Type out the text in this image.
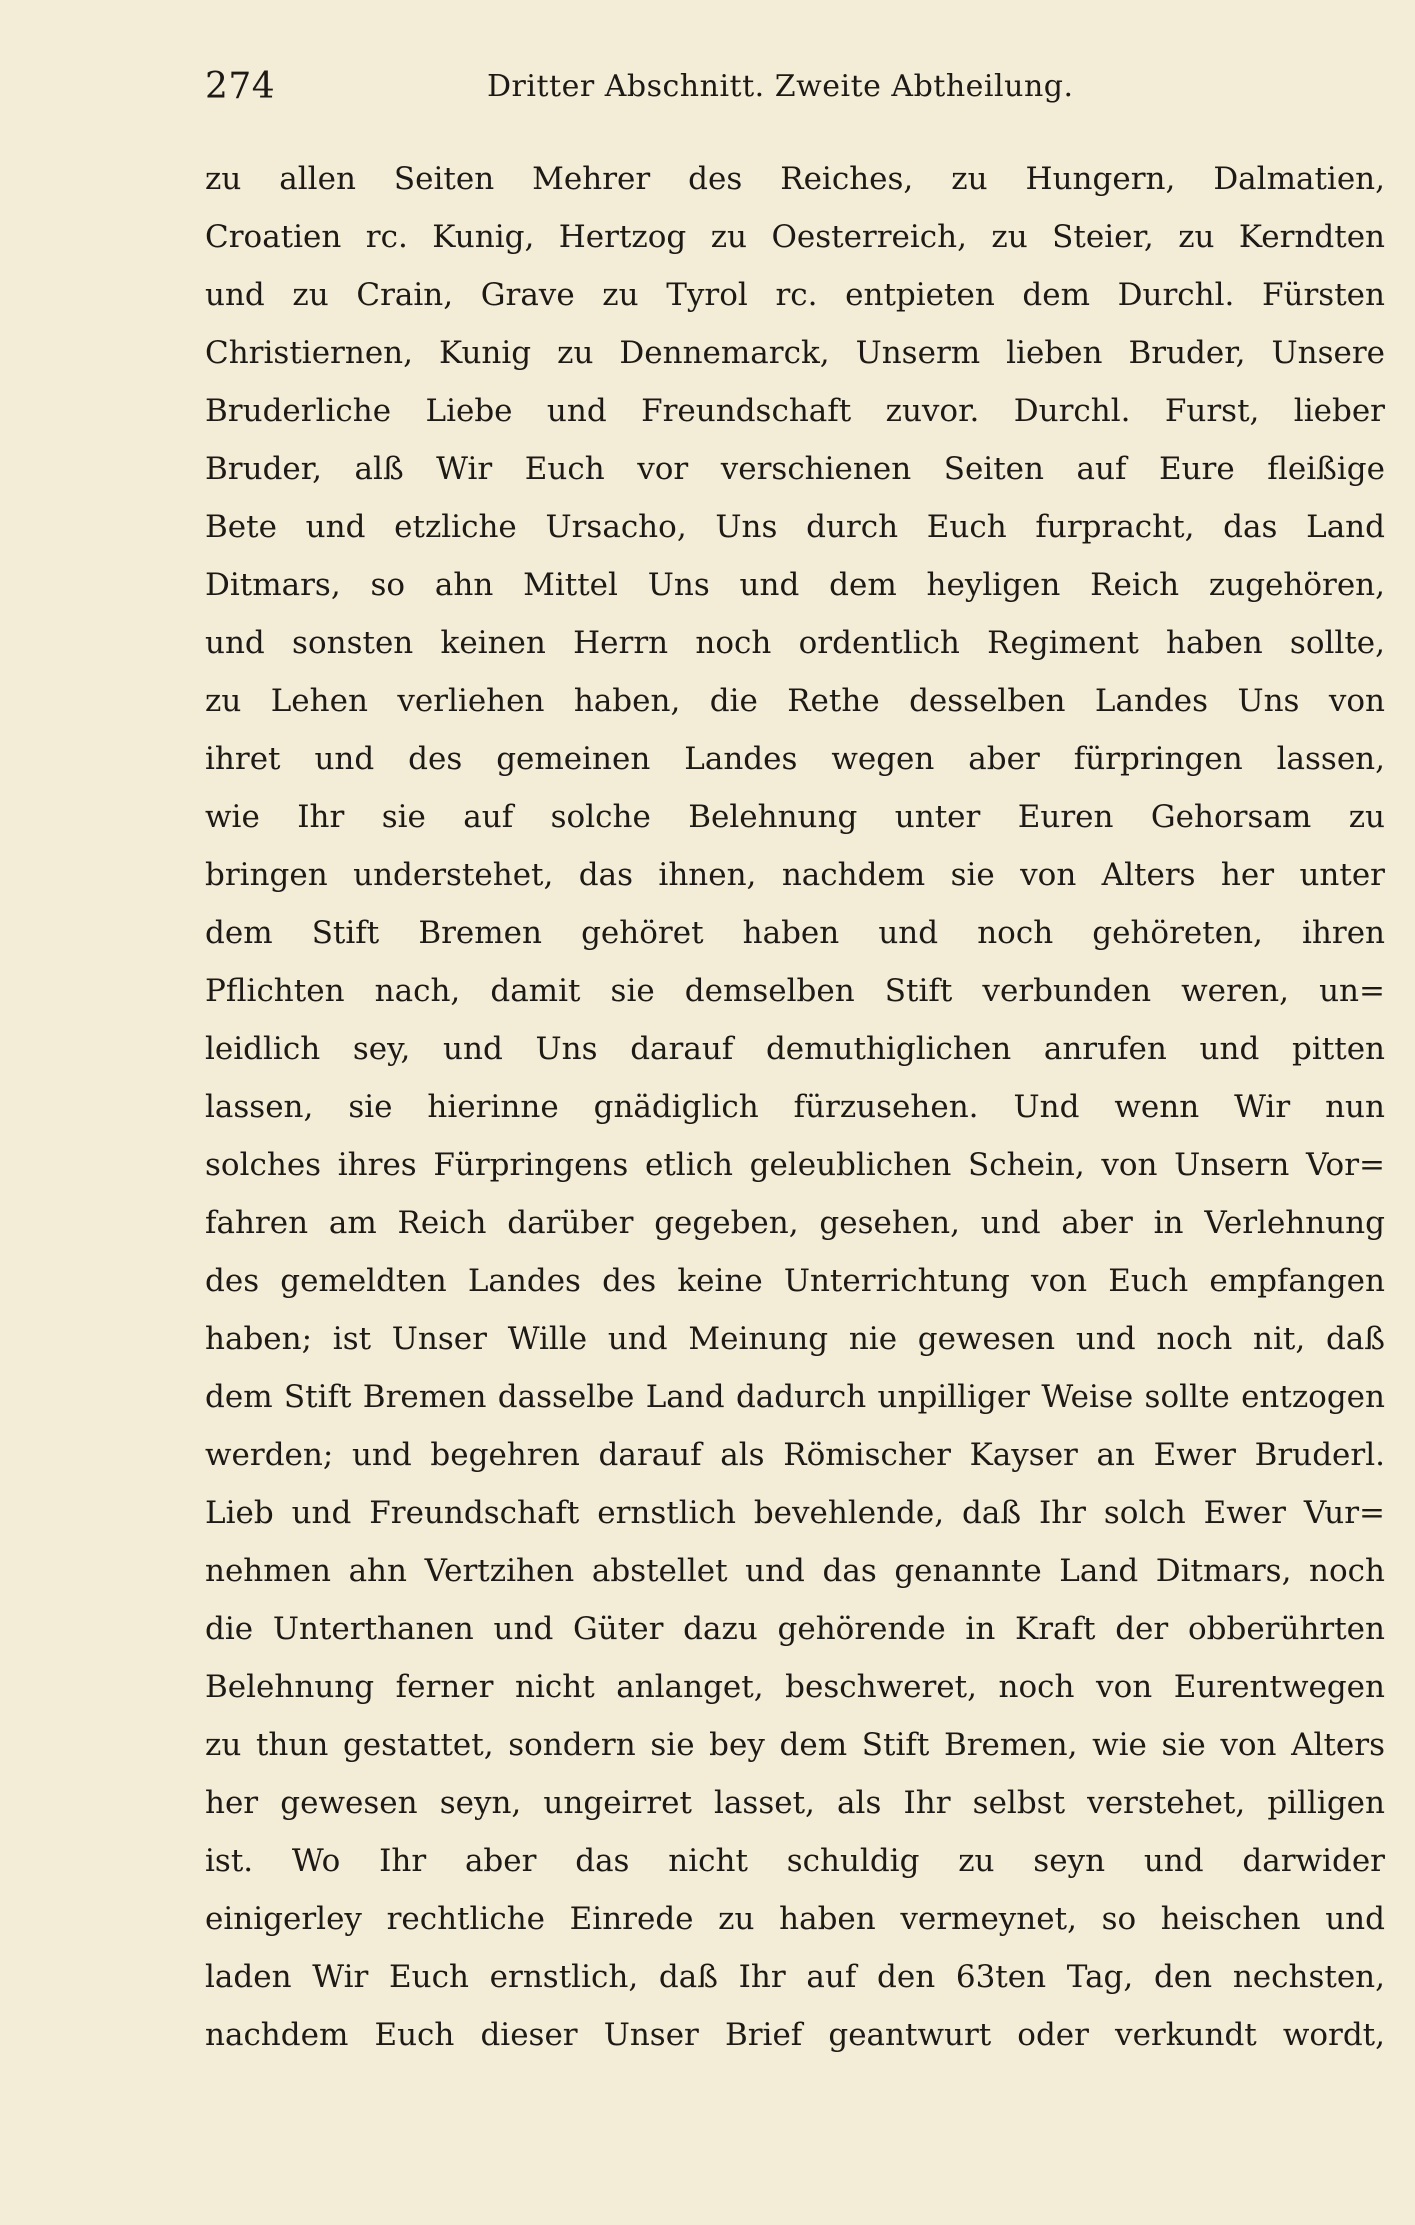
274	Dritter Abschnitt. Zweite Abtheilung.
zu allen Seiten Mehrer des Reiches, zu Hungern, Dalmatien,
Croatien rc. Kunig, Hertzog zu Oesterreich, zu Steier, zu Kerndten
und zu Crain, Grave zu Tyrol rc. entpieten dem Durchl. Fürsten
Christiernen, Kunig zu Dennemarck, Unserm lieben Bruder, Unsere
Bruderliche Liebe und Freundschaft zuvor. Durchl. Furst, lieber
Bruder, alß Wir Euch vor verschienen Seiten auf Eure fleißige
Bete und etzliche Ursacho, Uns durch Euch furpracht, das Land
Ditmars, so ahn Mittel Uns und dem heyligen Reich zugehören,
und sonsten keinen Herrn noch ordentlich Regiment haben sollte,
zu Lehen verliehen haben, die Rethe desselben Landes Uns von
ihret und des gemeinen Landes wegen aber fürpringen lassen,
wie Ihr sie auf solche Belehnung unter Euren Gehorsam zu
bringen understehet, das ihnen, nachdem sie von Alters her unter
dem Stift Bremen gehöret haben und noch gehöreten, ihren
Pflichten nach, damit sie demselben Stift verbunden weren, un=
leidlich sey, und Uns darauf demuthiglichen anrufen und pitten
lassen, sie hierinne gnädiglich fürzusehen. Und wenn Wir nun
solches ihres Fürpringens etlich geleublichen Schein, von Unsern Vor=
fahren am Reich darüber gegeben, gesehen, und aber in Verlehnung
des gemeldten Landes des keine Unterrichtung von Euch empfangen
haben; ist Unser Wille und Meinung nie gewesen und noch nit, daß
dem Stift Bremen dasselbe Land dadurch unpilliger Weise sollte entzogen
werden; und begehren darauf als Römischer Kayser an Ewer Bruderl.
Lieb und Freundschaft ernstlich bevehlende, daß Ihr solch Ewer Vur=
nehmen ahn Vertzihen abstellet und das genannte Land Ditmars, noch
die Unterthanen und Güter dazu gehörende in Kraft der obberührten
Belehnung ferner nicht anlanget, beschweret, noch von Eurentwegen
zu thun gestattet, sondern sie bey dem Stift Bremen, wie sie von Alters
her gewesen seyn, ungeirret lasset, als Ihr selbst verstehet, pilligen
ist. Wo Ihr aber das nicht schuldig zu seyn und darwider
einigerley rechtliche Einrede zu haben vermeynet, so heischen und
laden Wir Euch ernstlich, daß Ihr auf den 63ten Tag, den nechsten,
nachdem Euch dieser Unser Brief geantwurt oder verkundt wordt,
